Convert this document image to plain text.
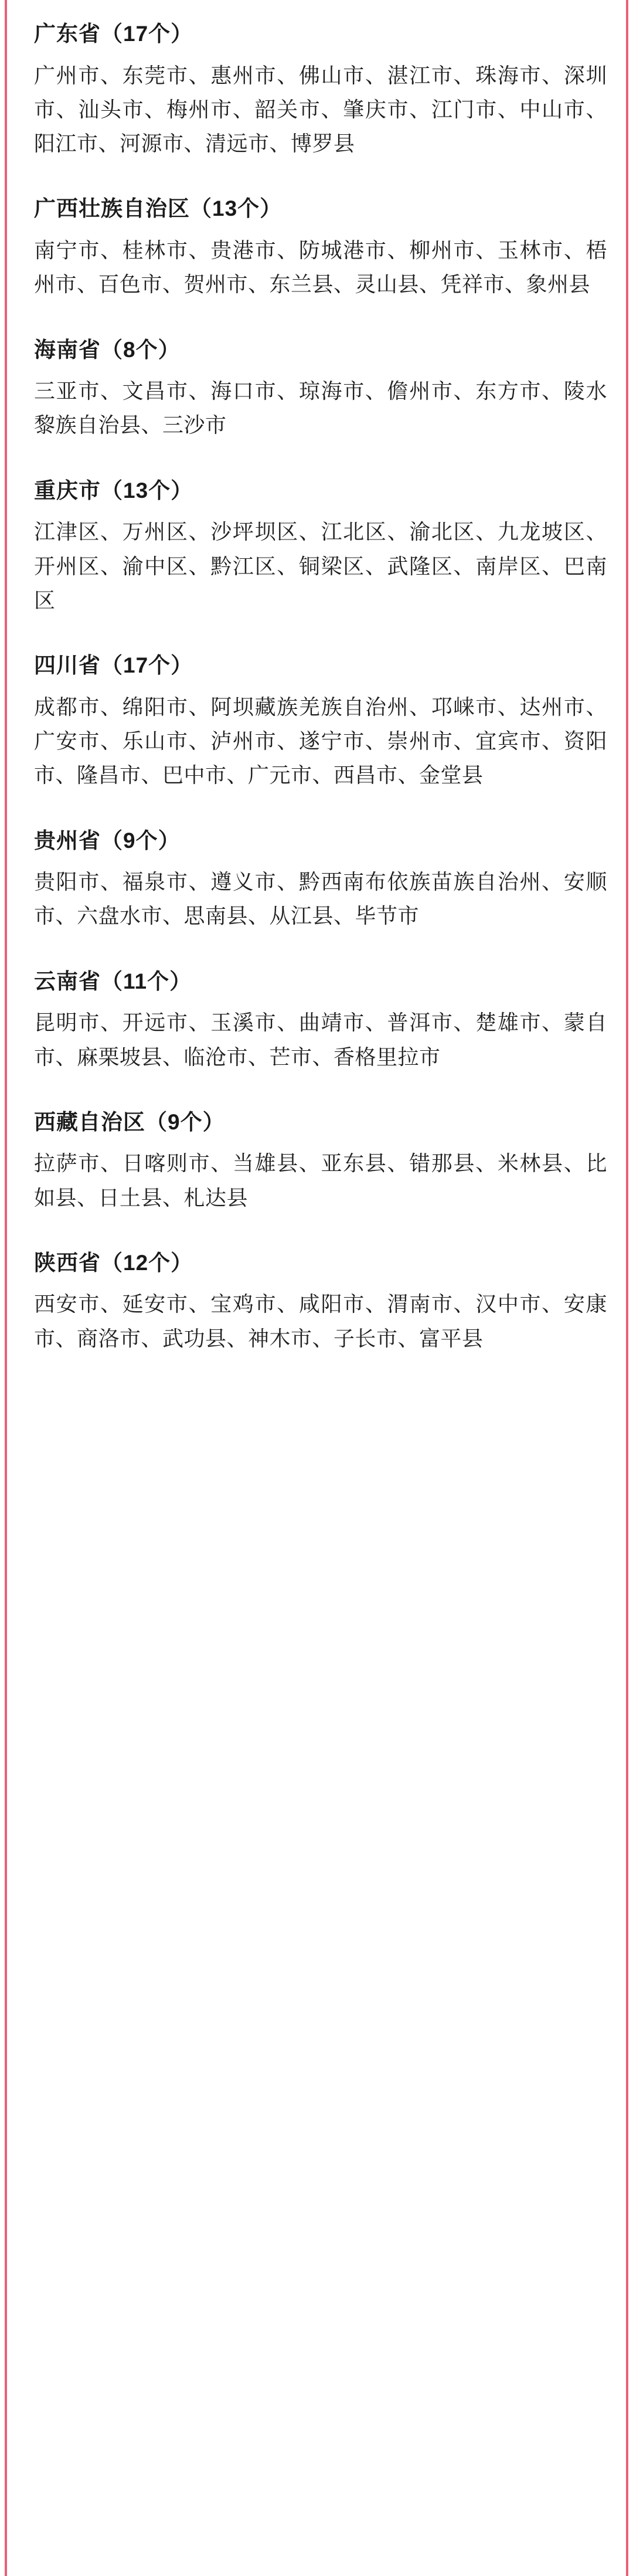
广东省（17个）
广州市、东莞市、惠州市、佛山市、湛江市、珠海市、深圳市、汕头市、梅州市、韶关市、肇庆市、江门市、中山市、阳江市、河源市、清远市、博罗县
广西壮族自治区（13个）
南宁市、桂林市、贵港市、防城港市、柳州市、玉林市、梧州市、百色市、贺州市、东兰县、灵山县、凭祥市、象州县
海南省（8个）
三亚市、文昌市、海口市、琼海市、儋州市、东方市、陵水黎族自治县、三沙市
重庆市（13个）
江津区、万州区、沙坪坝区、江北区、渝北区、九龙坡区、开州区、渝中区、黔江区、铜梁区、武隆区、南岸区、巴南区
四川省（17个）
成都市、绵阳市、阿坝藏族羌族自治州、邛崃市、达州市、广安市、乐山市、泸州市、遂宁市、崇州市、宜宾市、资阳市、隆昌市、巴中市、广元市、西昌市、金堂县
贵州省（9个）
贵阳市、福泉市、遵义市、黔西南布依族苗族自治州、安顺市、六盘水市、思南县、从江县、毕节市
云南省（11个）
昆明市、开远市、玉溪市、曲靖市、普洱市、楚雄市、蒙自市、麻栗坡县、临沧市、芒市、香格里拉市
西藏自治区（9个）
拉萨市、日喀则市、当雄县、亚东县、错那县、米林县、比如县、日土县、札达县
陕西省（12个）
西安市、延安市、宝鸡市、咸阳市、渭南市、汉中市、安康市、商洛市、武功县、神木市、子长市、富平县
